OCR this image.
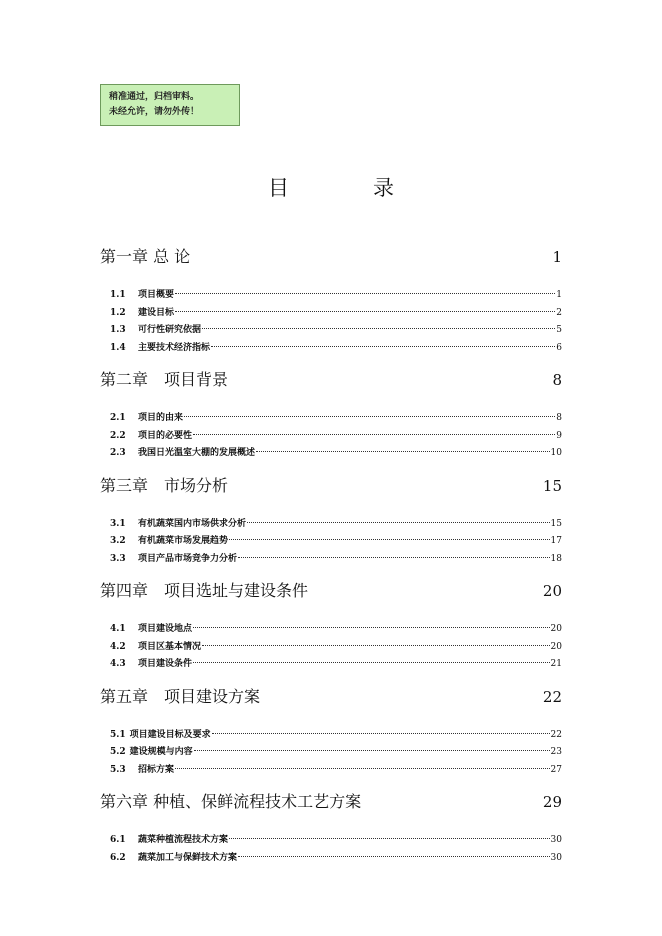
稍准通过，归档审料。
未经允许，请勿外传！
目	录
第一章 总 论	1
1.1	项目概要	1
1.2	建设目标	2
1.3	可行性研究依据	5
1.4	主要技术经济指标	6
第二章　项目背景	8
2.1	项目的由来	8
2.2	项目的必要性	9
2.3	我国日光温室大棚的发展概述	10
第三章　市场分析	15
3.1	有机蔬菜国内市场供求分析	15
3.2	有机蔬菜市场发展趋势	17
3.3	项目产品市场竞争力分析	18
第四章　项目选址与建设条件	20
4.1	项目建设地点	20
4.2	项目区基本情况	20
4.3	项目建设条件	21
第五章　项目建设方案	22
5.1 项目建设目标及要求	22
5.2 建设规模与内容	23
5.3	招标方案	27
第六章 种植、保鲜流程技术工艺方案	29
6.1	蔬菜种植流程技术方案	30
6.2	蔬菜加工与保鲜技术方案	30
